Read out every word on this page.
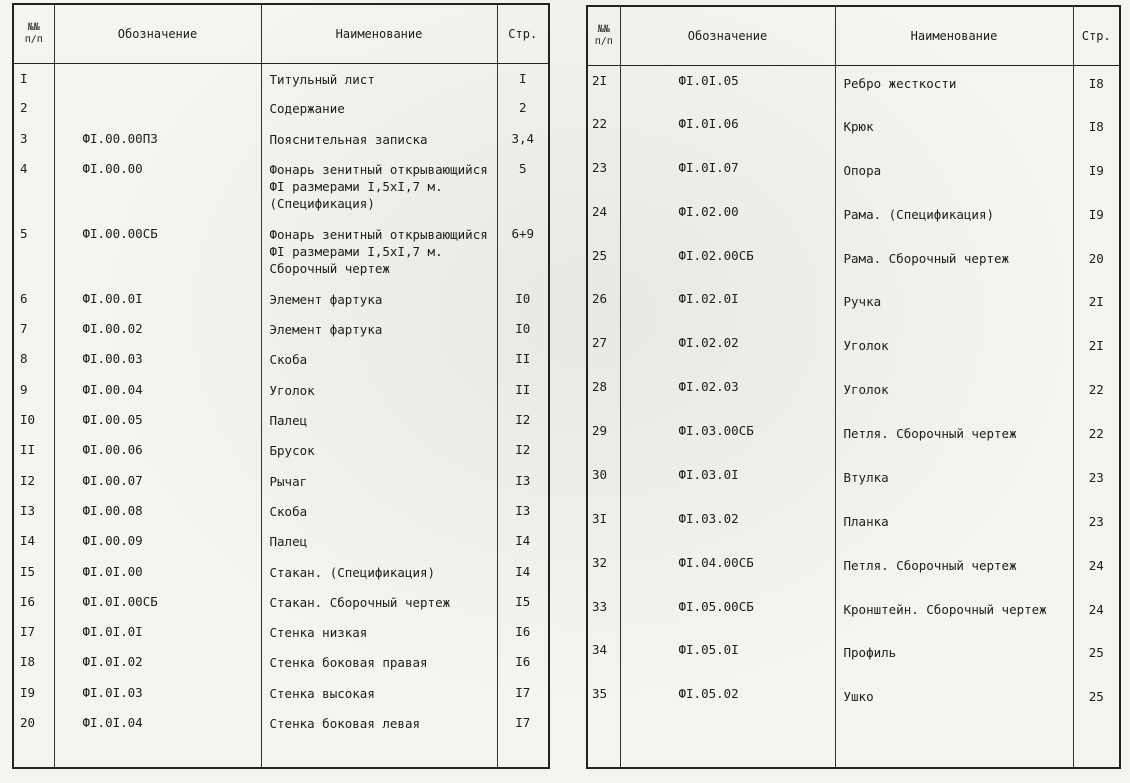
№№
п/п	Обозначение	Наименование	Стр.
I		Титульный лист	I
2		Содержание	2
3	ФI.00.00ПЗ	Пояснительная записка	3,4
4	ФI.00.00	Фонарь зенитный открывающийся
ФI размерами I,5xI,7 м.
(Спецификация)	5
5	ФI.00.00СБ	Фонарь зенитный открывающийся
ФI размерами I,5xI,7 м.
Сборочный чертеж	6+9
6	ФI.00.0I	Элемент фартука	I0
7	ФI.00.02	Элемент фартука	I0
8	ФI.00.03	Скоба	II
9	ФI.00.04	Уголок	II
I0	ФI.00.05	Палец	I2
II	ФI.00.06	Брусок	I2
I2	ФI.00.07	Рычаг	I3
I3	ФI.00.08	Скоба	I3
I4	ФI.00.09	Палец	I4
I5	ФI.0I.00	Стакан. (Спецификация)	I4
I6	ФI.0I.00СБ	Стакан. Сборочный чертеж	I5
I7	ФI.0I.0I	Стенка низкая	I6
I8	ФI.0I.02	Стенка боковая правая	I6
I9	ФI.0I.03	Стенка высокая	I7
20	ФI.0I.04	Стенка боковая левая	I7

№№
п/п	Обозначение	Наименование	Стр.
2I	ФI.0I.05	Ребро жесткости	I8
22	ФI.0I.06	Крюк	I8
23	ФI.0I.07	Опора	I9
24	ФI.02.00	Рама. (Спецификация)	I9
25	ФI.02.00СБ	Рама. Сборочный чертеж	20
26	ФI.02.0I	Ручка	2I
27	ФI.02.02	Уголок	2I
28	ФI.02.03	Уголок	22
29	ФI.03.00СБ	Петля. Сборочный чертеж	22
30	ФI.03.0I	Втулка	23
3I	ФI.03.02	Планка	23
32	ФI.04.00СБ	Петля. Сборочный чертеж	24
33	ФI.05.00СБ	Кронштейн. Сборочный чертеж	24
34	ФI.05.0I	Профиль	25
35	ФI.05.02	Ушко	25
